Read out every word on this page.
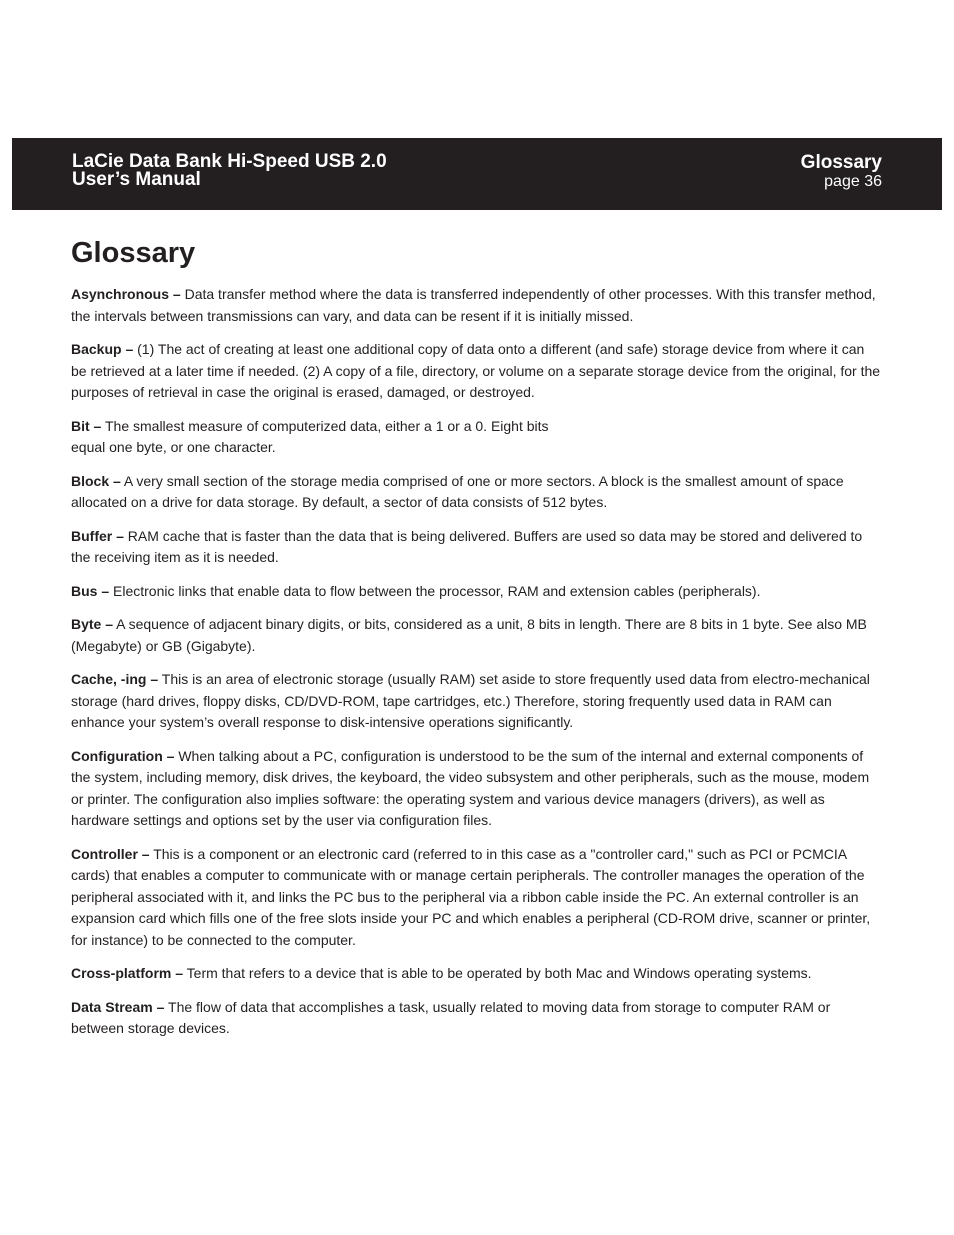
LaCie Data Bank Hi-Speed USB 2.0
User’s Manual
Glossary
page 36
Glossary

Asynchronous – Data transfer method where the data is transferred independently of other processes. With this transfer method, the intervals between transmissions can vary, and data can be resent if it is initially missed.

Backup – (1) The act of creating at least one additional copy of data onto a different (and safe) storage device from where it can be retrieved at a later time if needed. (2) A copy of a file, directory, or volume on a separate storage device from the original, for the purposes of retrieval in case the original is erased, damaged, or destroyed.

Bit – The smallest measure of computerized data, either a 1 or a 0. Eight bits equal one byte, or one character.

Block – A very small section of the storage media comprised of one or more sectors. A block is the smallest amount of space allocated on a drive for data storage. By default, a sector of data consists of 512 bytes.

Buffer – RAM cache that is faster than the data that is being delivered. Buffers are used so data may be stored and delivered to the receiving item as it is needed.

Bus – Electronic links that enable data to flow between the processor, RAM and extension cables (peripherals).

Byte – A sequence of adjacent binary digits, or bits, considered as a unit, 8 bits in length. There are 8 bits in 1 byte. See also MB (Megabyte) or GB (Gigabyte).

Cache, -ing – This is an area of electronic storage (usually RAM) set aside to store frequently used data from electro-mechanical storage (hard drives, floppy disks, CD/DVD-ROM, tape cartridges, etc.) Therefore, storing frequently used data in RAM can enhance your system’s overall response to disk-intensive operations significantly.

Configuration – When talking about a PC, configuration is understood to be the sum of the internal and external components of the system, including memory, disk drives, the keyboard, the video subsystem and other peripherals, such as the mouse, modem or printer. The configuration also implies software: the operating system and various device managers (drivers), as well as hardware settings and options set by the user via configuration files.

Controller – This is a component or an electronic card (referred to in this case as a "controller card," such as PCI or PCMCIA cards) that enables a computer to communicate with or manage certain peripherals. The controller manages the operation of the peripheral associated with it, and links the PC bus to the peripheral via a ribbon cable inside the PC. An external controller is an expansion card which fills one of the free slots inside your PC and which enables a peripheral (CD-ROM drive, scanner or printer, for instance) to be connected to the computer.

Cross-platform – Term that refers to a device that is able to be operated by both Mac and Windows operating systems.

Data Stream – The flow of data that accomplishes a task, usually related to moving data from storage to computer RAM or between storage devices.
